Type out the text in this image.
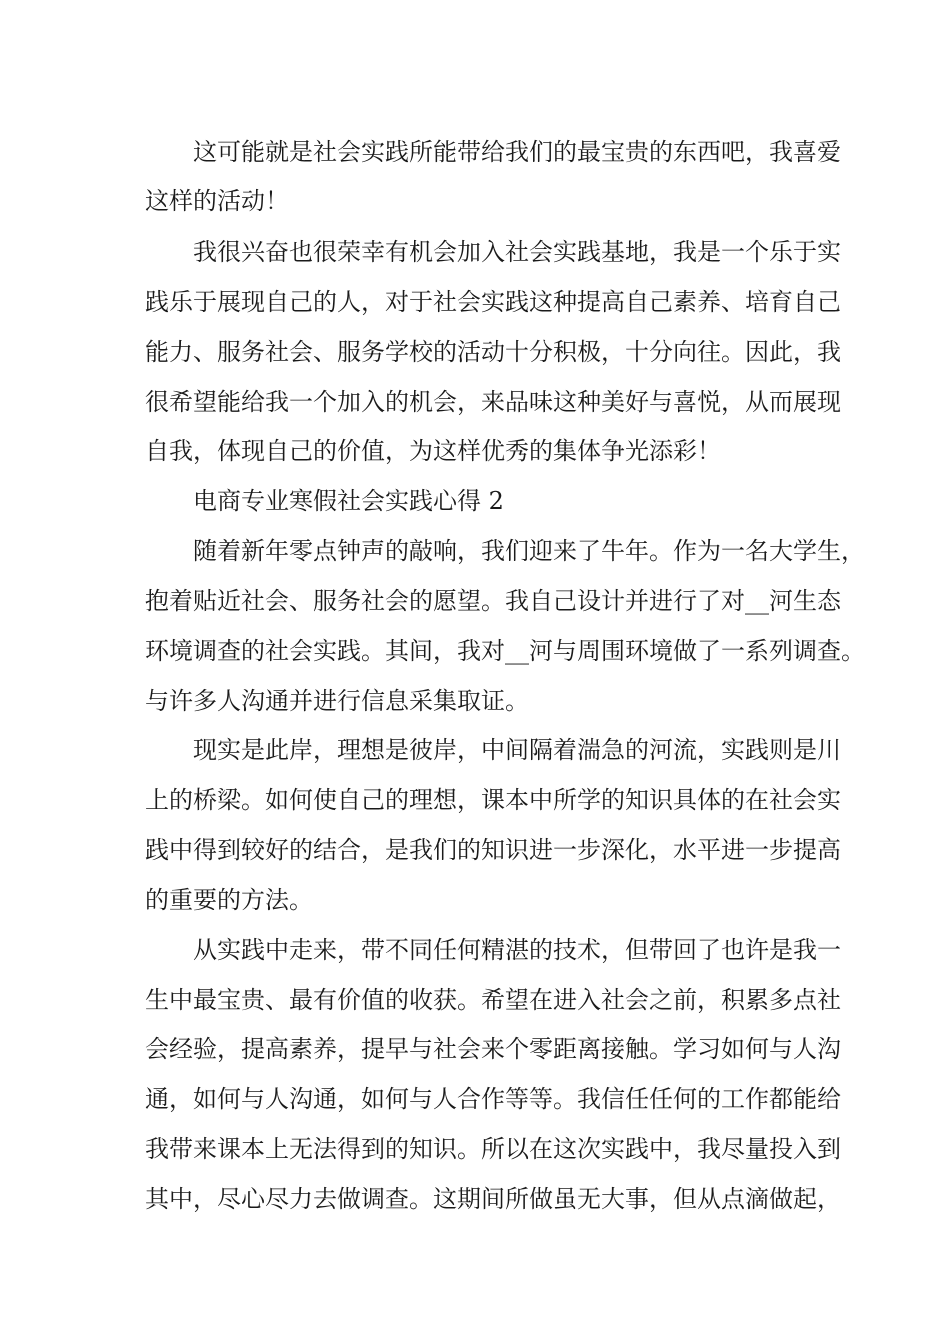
这可能就是社会实践所能带给我们的最宝贵的东西吧，我喜爱

这样的活动！

我很兴奋也很荣幸有机会加入社会实践基地，我是一个乐于实

践乐于展现自己的人，对于社会实践这种提高自己素养、培育自己

能力、服务社会、服务学校的活动十分积极，十分向往。因此，我

很希望能给我一个加入的机会，来品味这种美好与喜悦，从而展现

自我，体现自己的价值，为这样优秀的集体争光添彩！

电商专业寒假社会实践心得 2

随着新年零点钟声的敲响，我们迎来了牛年。作为一名大学生，

抱着贴近社会、服务社会的愿望。我自己设计并进行了对__河生态

环境调查的社会实践。其间，我对__河与周围环境做了一系列调查。

与许多人沟通并进行信息采集取证。

现实是此岸，理想是彼岸，中间隔着湍急的河流，实践则是川

上的桥梁。如何使自己的理想，课本中所学的知识具体的在社会实

践中得到较好的结合，是我们的知识进一步深化，水平进一步提高

的重要的方法。

从实践中走来，带不同任何精湛的技术，但带回了也许是我一

生中最宝贵、最有价值的收获。希望在进入社会之前，积累多点社

会经验，提高素养，提早与社会来个零距离接触。学习如何与人沟

通，如何与人沟通，如何与人合作等等。我信任任何的工作都能给

我带来课本上无法得到的知识。所以在这次实践中，我尽量投入到

其中，尽心尽力去做调查。这期间所做虽无大事，但从点滴做起，
